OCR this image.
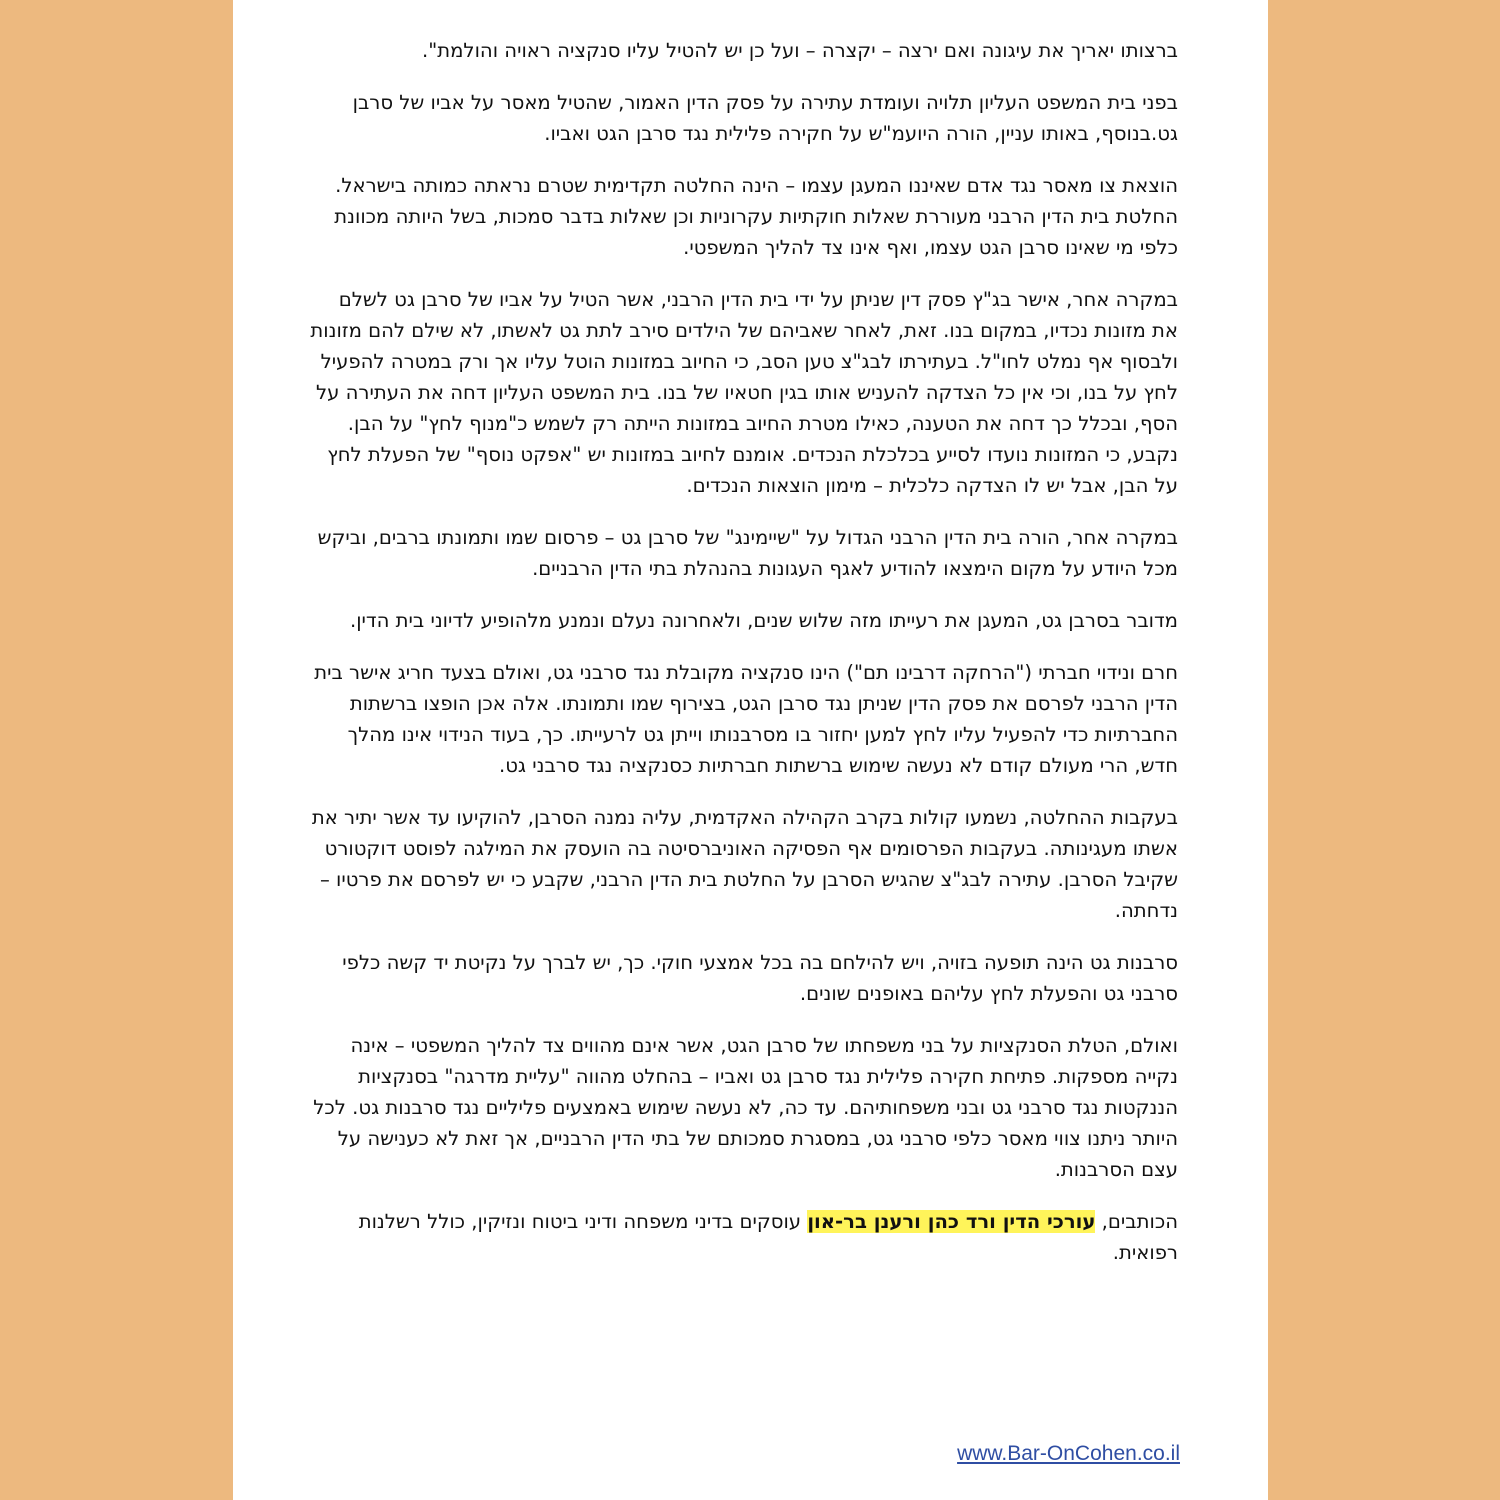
ברצותו יאריך את עיגונה ואם ירצה – יקצרה – ועל כן יש להטיל עליו סנקציה ראויה והולמת".

בפני בית המשפט העליון תלויה ועומדת עתירה על פסק הדין האמור, שהטיל מאסר על אביו של סרבן גט.בנוסף, באותו עניין, הורה היועמ"ש על חקירה פלילית נגד סרבן הגט ואביו.

הוצאת צו מאסר נגד אדם שאיננו המעגן עצמו – הינה החלטה תקדימית שטרם נראתה כמותה בישראל. החלטת בית הדין הרבני מעוררת שאלות חוקתיות עקרוניות וכן שאלות בדבר סמכות, בשל היותה מכוונת כלפי מי שאינו סרבן הגט עצמו, ואף אינו צד להליך המשפטי.

במקרה אחר, אישר בג"ץ פסק דין שניתן על ידי בית הדין הרבני, אשר הטיל על אביו של סרבן גט לשלם את מזונות נכדיו, במקום בנו. זאת, לאחר שאביהם של הילדים סירב לתת גט לאשתו, לא שילם להם מזונות ולבסוף אף נמלט לחו"ל. בעתירתו לבג"צ טען הסב, כי החיוב במזונות הוטל עליו אך ורק במטרה להפעיל לחץ על בנו, וכי אין כל הצדקה להעניש אותו בגין חטאיו של בנו. בית המשפט העליון דחה את העתירה על הסף, ובכלל כך דחה את הטענה, כאילו מטרת החיוב במזונות הייתה רק לשמש כ"מנוף לחץ" על הבן. נקבע, כי המזונות נועדו לסייע בכלכלת הנכדים. אומנם לחיוב במזונות יש "אפקט נוסף" של הפעלת לחץ על הבן, אבל יש לו הצדקה כלכלית – מימון הוצאות הנכדים.

במקרה אחר, הורה בית הדין הרבני הגדול על "שיימינג" של סרבן גט – פרסום שמו ותמונתו ברבים, וביקש מכל היודע על מקום הימצאו להודיע לאגף העגונות בהנהלת בתי הדין הרבניים.

מדובר בסרבן גט, המעגן את רעייתו מזה שלוש שנים, ולאחרונה נעלם ונמנע מלהופיע לדיוני בית הדין.

חרם ונידוי חברתי ("הרחקה דרבינו תם") הינו סנקציה מקובלת נגד סרבני גט, ואולם בצעד חריג אישר בית הדין הרבני לפרסם את פסק הדין שניתן נגד סרבן הגט, בצירוף שמו ותמונתו. אלה אכן הופצו ברשתות החברתיות כדי להפעיל עליו לחץ למען יחזור בו מסרבנותו וייתן גט לרעייתו. כך, בעוד הנידוי אינו מהלך חדש, הרי מעולם קודם לא נעשה שימוש ברשתות חברתיות כסנקציה נגד סרבני גט.

בעקבות ההחלטה, נשמעו קולות בקרב הקהילה האקדמית, עליה נמנה הסרבן, להוקיעו עד אשר יתיר את אשתו מעגינותה. בעקבות הפרסומים אף הפסיקה האוניברסיטה בה הועסק את המילגה לפוסט דוקטורט שקיבל הסרבן. עתירה לבג"צ שהגיש הסרבן על החלטת בית הדין הרבני, שקבע כי יש לפרסם את פרטיו – נדחתה.

סרבנות גט הינה תופעה בזויה, ויש להילחם בה בכל אמצעי חוקי. כך, יש לברך על נקיטת יד קשה כלפי סרבני גט והפעלת לחץ עליהם באופנים שונים.

ואולם, הטלת הסנקציות על בני משפחתו של סרבן הגט, אשר אינם מהווים צד להליך המשפטי – אינה נקייה מספקות. פתיחת חקירה פלילית נגד סרבן גט ואביו – בהחלט מהווה "עליית מדרגה" בסנקציות הננקטות נגד סרבני גט ובני משפחותיהם. עד כה, לא נעשה שימוש באמצעים פליליים נגד סרבנות גט. לכל היותר ניתנו צווי מאסר כלפי סרבני גט, במסגרת סמכותם של בתי הדין הרבניים, אך זאת לא כענישה על עצם הסרבנות.

הכותבים, עורכי הדין ורד כהן ורענן בר-און עוסקים בדיני משפחה ודיני ביטוח ונזיקין, כולל רשלנות רפואית.

www.Bar-OnCohen.co.il
